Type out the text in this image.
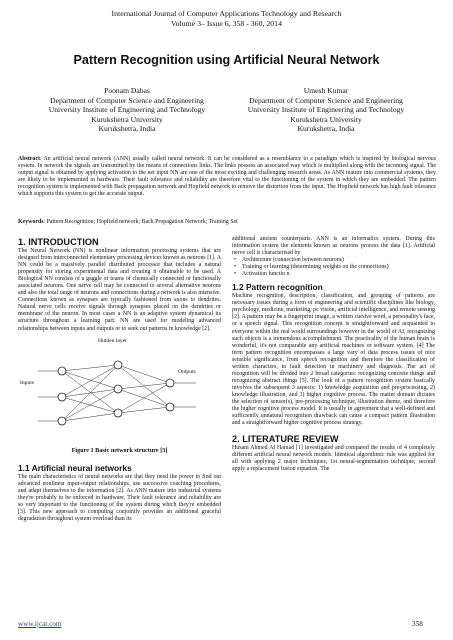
International Journal of Computer Applications Technology and Research
Volume 3– Issue 6, 358 - 360, 2014
Pattern Recognition using Artificial Neural Network
Poonam Dabas
Department of Computer Science and Engineering
University Institute of Engineering and Technology
Kurukshetra University
Kurukshetra, India
Umesh Kumar
Department of Computer Science and Engineering
University Institute of Engineering and Technology
Kurukshetra University
Kurukshetra, India
Abstract: An artificial neural network (ANN) usually called neural network. It can be considered as a resemblance to a paradigm which is inspired by biological nervous system. In network the signals are transmitted by the means of connections links. The links possess an associated way which is multiplied along with the incoming signal. The output signal is obtained by applying activation to the net input NN are one of the most exciting and challenging research areas. As ANN mature into commercial systems, they are likely to be implemented in hardware. Their fault tolerance and reliability are therefore vital to the functioning of the system in which they are embedded. The pattern recognition system is implemented with Back propagation network and Hopfield network to remove the distortion from the input. The Hopfield network has high fault tolerance which supports this system to get the accurate output.
Keywords: Pattern Recognition; Hopfield network; Back Propagation Network; Training Set
1. INTRODUCTION

The Neural Network (NN) is nonlinear information processing systems that are designed from interconnected elementary processing devices known as neurons [1]. A NN could be a massively parallel distributed processor that includes a natural propensity for storing experimental data and creating it obtainable to be used. A Biological NN consists of a gaggle or teams of chemically connected or functionally associated neurons. One nerve cell may be connected to several alternative neurons and also the total range of neurons and connections during a network is also intensive. Connections known as synapses are typically fashioned from axons to dendrites. Natural nerve cells receive signals through synapses placed on the dendrites or membrane of the neuron. In most cases a NN is an adaptive system dynamical its structure throughout a learning part. NN are used for modeling advanced relationships between inputs and outputs or to seek out patterns in knowledge [2].

Hidden layer
Inputs
Outputs
Figure 1 Basic network structure [3]
1.1 Artificial neural networks

The main characteristics of neural networks are that they need the power to find out advanced nonlinear input-output relationships, use successive coaching procedures, and adapt themselves to the information [2]. As ANN mature into industrial systems they're probably to be enforced in hardware. Their fault tolerance and reliability are so very important to the functioning of the system during which they're embedded [3]. This new approach to computing conjointly provides an additional graceful degradation throughout system overload than its

additional ancient counterparts. ANN is an informatics system. During this information system the elements known as neurons process the data [1]. Artificial nerve cell is characterised by

• Architecture (connection between neurons)
• Training or learning (determining weights on the connections)
• Activation functio n
1.2 Pattern recognition

Machine recognition, description, classification, and grouping of patterns are necessary issues during a form of engineering and scientific disciplines like biology, psychology, medicine, marketing, pc vision, artificial intelligence, and remote sensing [2]. A pattern may be a fingerprint image, a written cursive word, a personality's face, or a speech signal. This recognition concept is straightforward and acquainted to everyone within the real world surroundings however in the world of AI, recognizing such objects is a tremendous accomplishment. The practicality of the human brain is wonderful, it's not comparable any artificial machines or software system. [4] The term pattern recognition encompasses a large vary of data process issues of nice sensible significance, from speech recognition and therefore the classification of written characters, to fault detection in machinery and diagnosis. The act of recognition will be divided into 2 broad categories: recognizing concrete things and recognizing abstract things [5]. The look of a pattern recognition system basically involves the subsequent 3 aspects: 1) knowledge acquisition and pre-processing, 2) knowledge illustration, and 3) higher cognitive process. The matter domain dictates the selection of sensor(s), pre-processing technique, illustration theme, and therefore the higher cognitive process model. It is usually in agreement that a well-defined and sufficiently unnatural recognition drawback can cause a compact pattern illustration and a straightforward higher cognitive process strategy.

2. LITERATURE REVIEW

Husam Ahmed Al Hamad [1] investigated and compared the results of 4 completely different artificial neural network models. Identical algorithmic rule was applied for all with applying 2 major techniques, 1st neural-segmentation technique; second apply a replacement fusion equation. The

www.ijcat.com	358
